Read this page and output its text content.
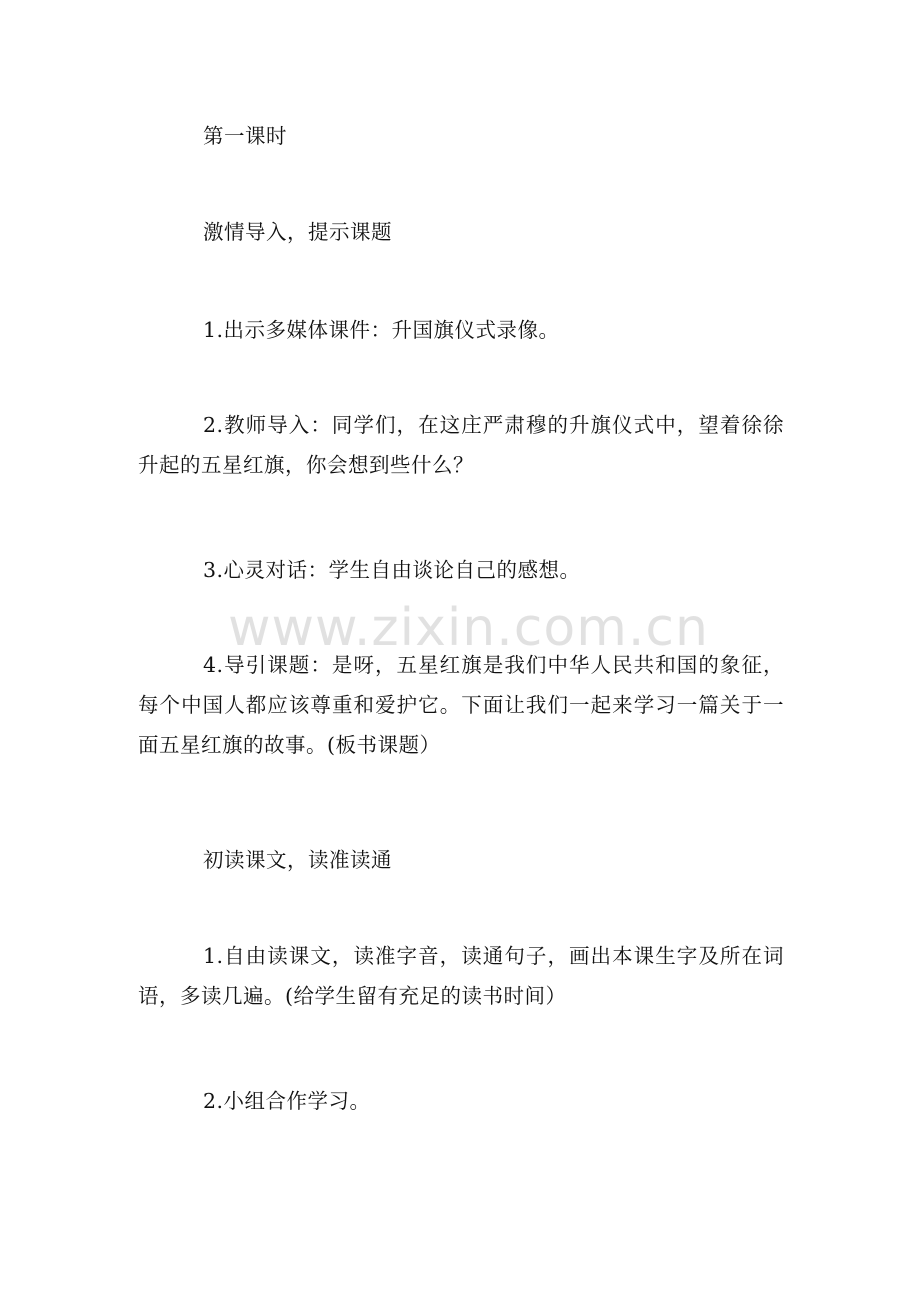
第一课时

激情导入，提示课题

1.出示多媒体课件：升国旗仪式录像。

2.教师导入：同学们，在这庄严肃穆的升旗仪式中，望着徐徐升起的五星红旗，你会想到些什么？

3.心灵对话：学生自由谈论自己的感想。

4.导引课题：是呀，五星红旗是我们中华人民共和国的象征，每个中国人都应该尊重和爱护它。下面让我们一起来学习一篇关于一面五星红旗的故事。(板书课题）

初读课文，读准读通

1.自由读课文，读准字音，读通句子，画出本课生字及所在词语，多读几遍。(给学生留有充足的读书时间）

2.小组合作学习。

www.zixin.com.cn
